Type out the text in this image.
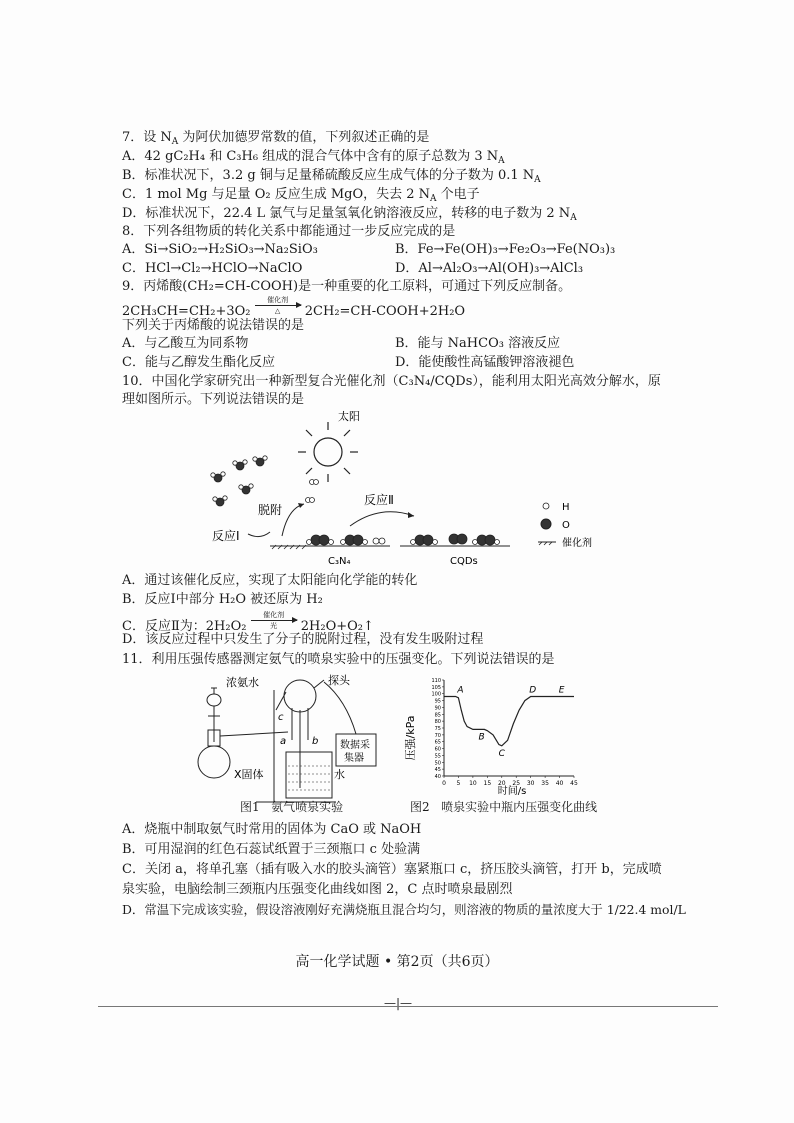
7．设 $N_A$ 为阿伏加德罗常数的值，下列叙述正确的是
A．42 gC₂H₄ 和 C₃H₆ 组成的混合气体中含有的原子总数为 3 $N_A$
B．标准状况下，3.2 g 铜与足量稀硫酸反应生成气体的分子数为 0.1 $N_A$
C．1 mol Mg 与足量 O₂ 反应生成 MgO，失去 2 $N_A$ 个电子
D．标准状况下，22.4 L 氯气与足量氢氧化钠溶液反应，转移的电子数为 2 $N_A$
8．下列各组物质的转化关系中都能通过一步反应完成的是
A．Si→SiO₂→H₂SiO₃→Na₂SiO₃	B．Fe→Fe(OH)₃→Fe₂O₃→Fe(NO₃)₃
C．HCl→Cl₂→HClO→NaClO	D．Al→Al₂O₃→Al(OH)₃→AlCl₃
9．丙烯酸(CH₂=CH-COOH)是一种重要的化工原料，可通过下列反应制备。
2CH₃CH=CH₂+3O₂ 催化剂
△ 2CH₂=CH-COOH+2H₂O
下列关于丙烯酸的说法错误的是
A．与乙酸互为同系物	B．能与 NaHCO₃ 溶液反应
C．能与乙醇发生酯化反应	D．能使酸性高锰酸钾溶液褪色
10．中国化学家研究出一种新型复合光催化剂（C₃N₄/CQDs），能利用太阳光高效分解水，原
理如图所示。下列说法错误的是
太阳
脱附
反应Ⅰ
反应Ⅱ
C₃N₄	CQDs
H
O
催化剂
A．通过该催化反应，实现了太阳能向化学能的转化
B．反应Ⅰ中部分 H₂O 被还原为 H₂
C．反应Ⅱ为：2H₂O₂ 催化剂
光 2H₂O+O₂↑
D．该反应过程中只发生了分子的脱附过程，没有发生吸附过程
11．利用压强传感器测定氨气的喷泉实验中的压强变化。下列说法错误的是
浓氨水	探头
数据采
集器
X固体	水
a	b
c
图1   氨气喷泉实验
40
45
50
55
60
65
70
75
80
85
90
95
100
105
110
0 5 10 15 20 25 30 35 40 45
A
B
C
D	E
压强/kPa
时间/s
图2   喷泉实验中瓶内压强变化曲线
A．烧瓶中制取氨气时常用的固体为 CaO 或 NaOH
B．可用湿润的红色石蕊试纸置于三颈瓶口 c 处验满
C．关闭 a，将单孔塞（插有吸入水的胶头滴管）塞紧瓶口 c，挤压胶头滴管，打开 b，完成喷
泉实验，电脑绘制三颈瓶内压强变化曲线如图 2，C 点时喷泉最剧烈
D．常温下完成该实验，假设溶液刚好充满烧瓶且混合均匀，则溶液的物质的量浓度大于 1/22.4 mol/L
高一化学试题 • 第2页（共6页）
—|—
